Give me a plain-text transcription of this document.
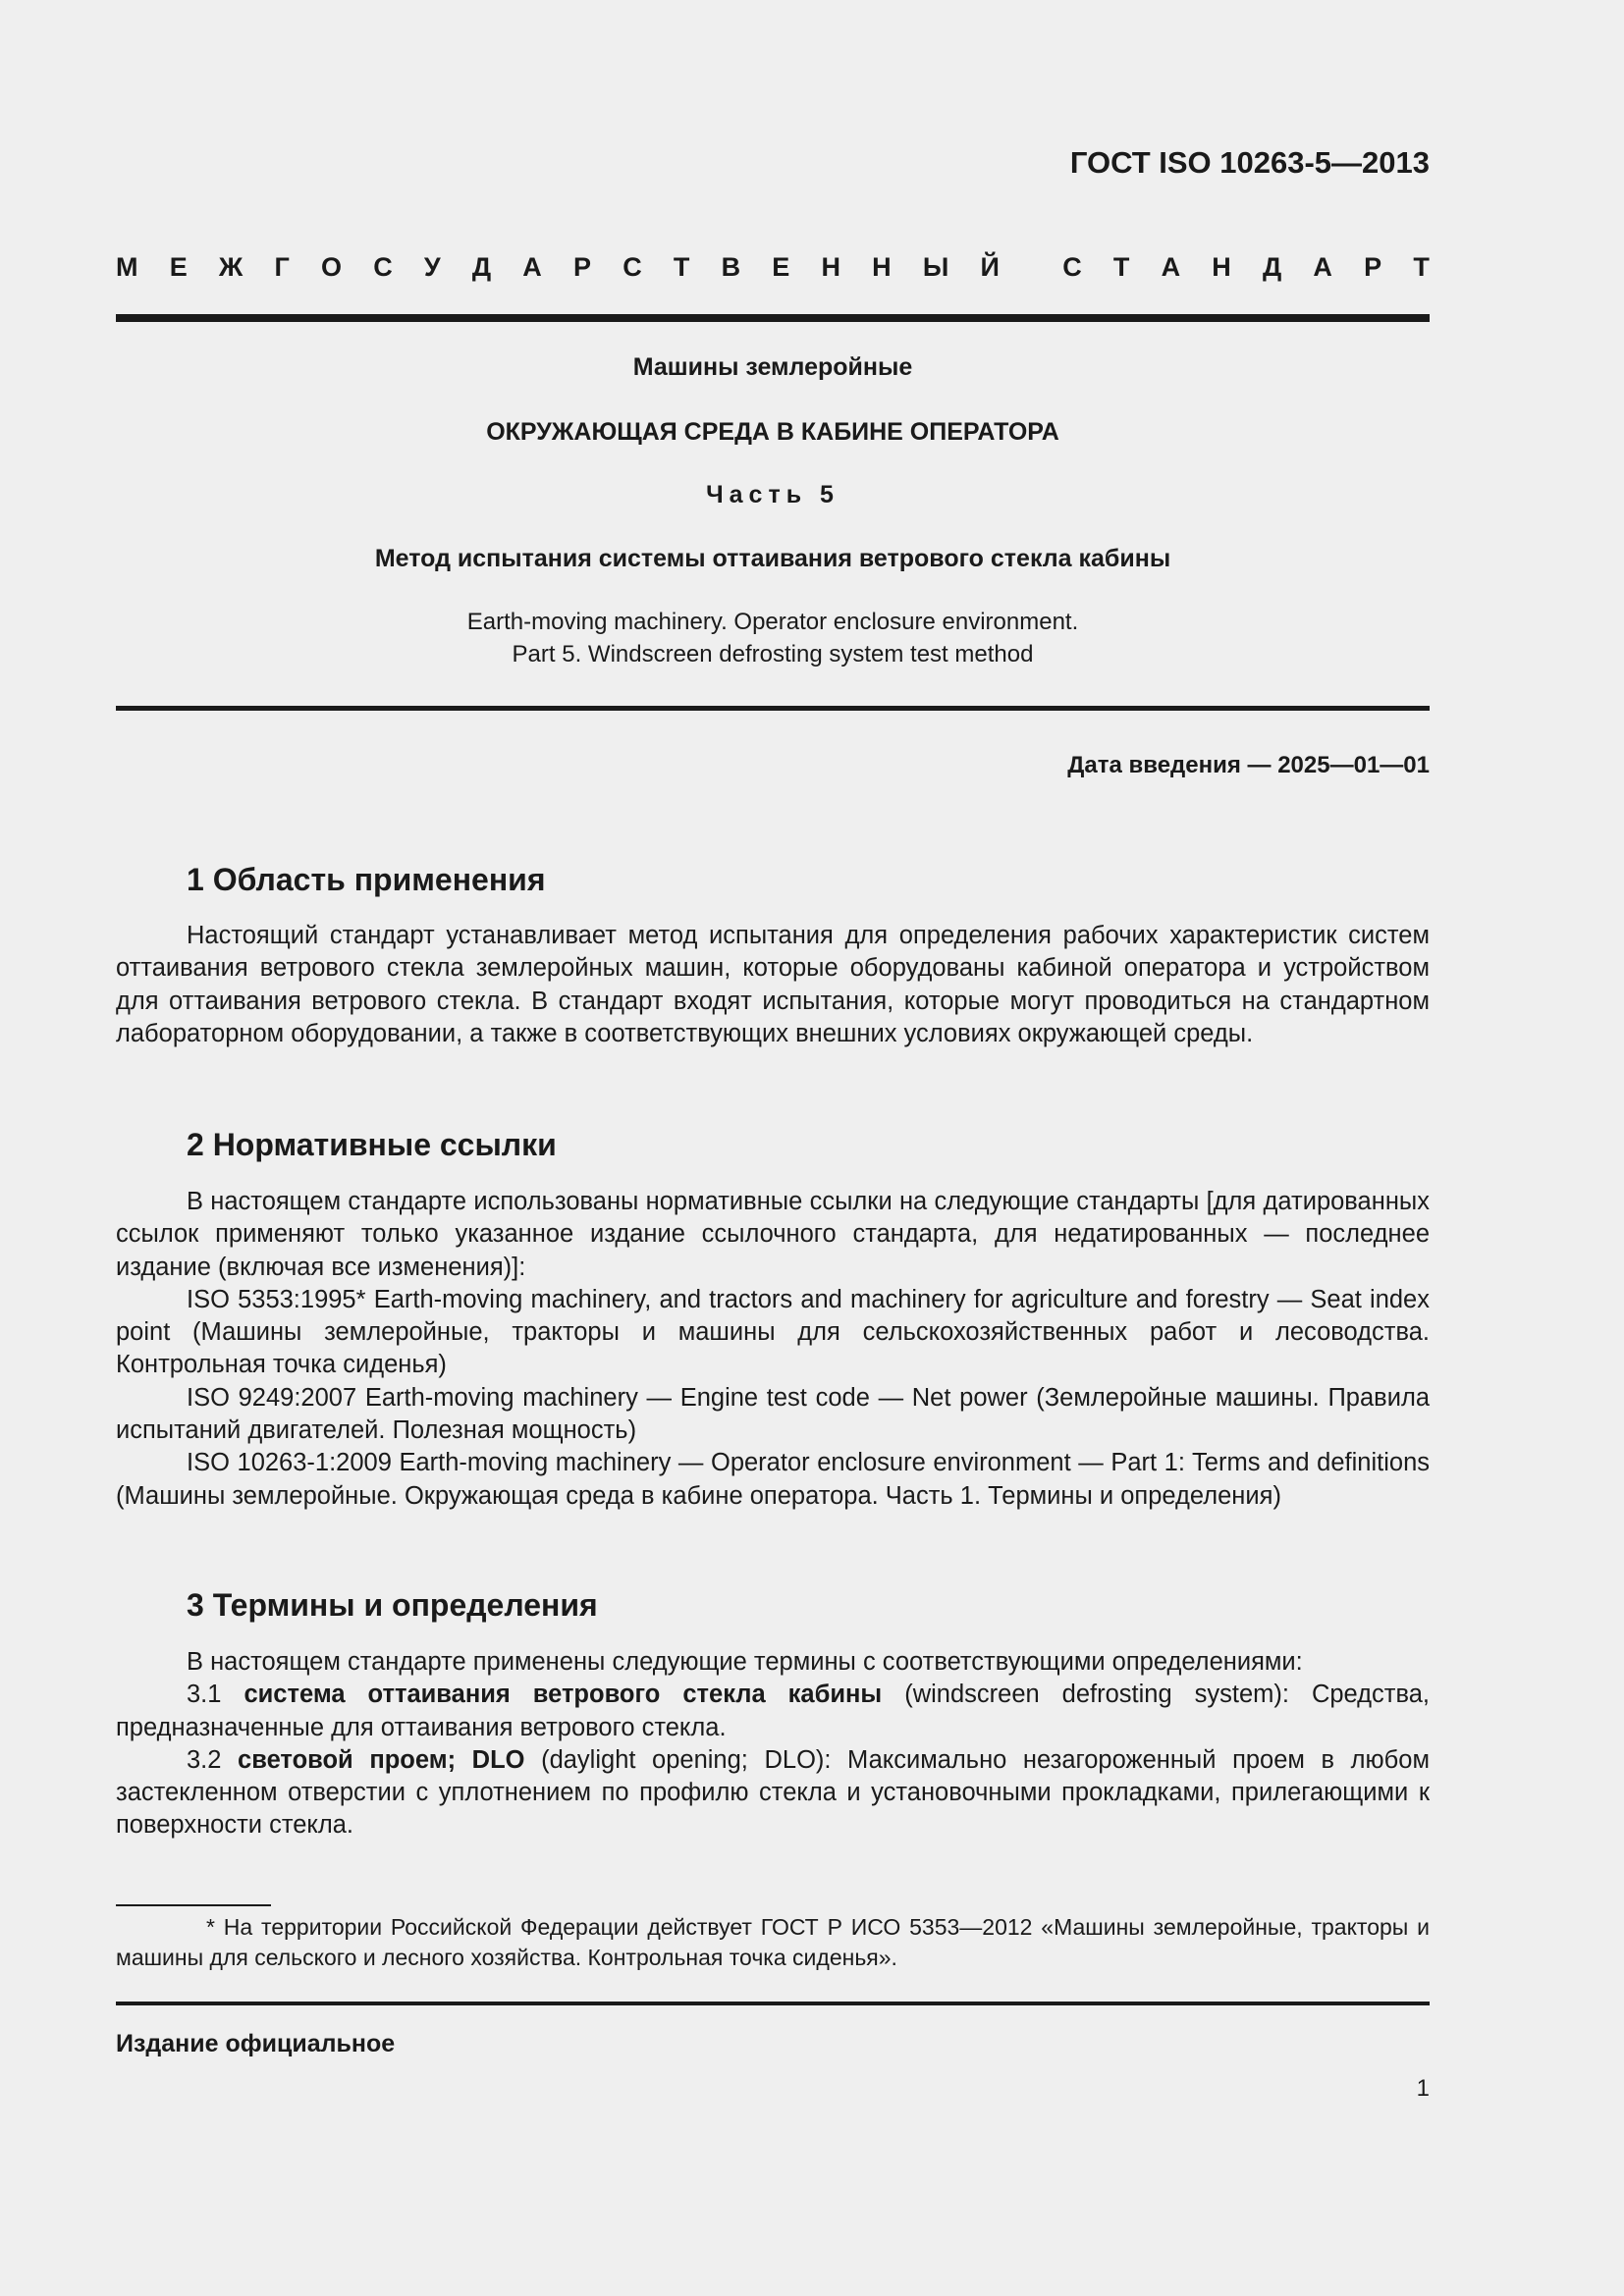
ГОСТ ISO 10263-5—2013
М Е Ж Г О С У Д А Р С Т В Е Н Н Ы Й С Т А Н Д А Р Т
Машины землеройные
ОКРУЖАЮЩАЯ СРЕДА В КАБИНЕ ОПЕРАТОРА
Часть 5
Метод испытания системы оттаивания ветрового стекла кабины
Earth-moving machinery. Operator enclosure environment.
Part 5. Windscreen defrosting system test method
Дата введения — 2025—01—01
1 Область применения

Настоящий стандарт устанавливает метод испытания для определения рабочих характеристик систем оттаивания ветрового стекла землеройных машин, которые оборудованы кабиной оператора и устройством для оттаивания ветрового стекла. В стандарт входят испытания, которые могут проводиться на стандартном лабораторном оборудовании, а также в соответствующих внешних условиях окружающей среды.

2 Нормативные ссылки

В настоящем стандарте использованы нормативные ссылки на следующие стандарты [для датированных ссылок применяют только указанное издание ссылочного стандарта, для недатированных — последнее издание (включая все изменения)]:

ISO 5353:1995* Earth-moving machinery, and tractors and machinery for agriculture and forestry — Seat index point (Машины землеройные, тракторы и машины для сельскохозяйственных работ и лесоводства. Контрольная точка сиденья)

ISO 9249:2007 Earth-moving machinery — Engine test code — Net power (Землеройные машины. Правила испытаний двигателей. Полезная мощность)

ISO 10263-1:2009 Earth-moving machinery — Operator enclosure environment — Part 1: Terms and definitions (Машины землеройные. Окружающая среда в кабине оператора. Часть 1. Термины и определения)

3 Термины и определения

В настоящем стандарте применены следующие термины с соответствующими определениями:

3.1 система оттаивания ветрового стекла кабины (windscreen defrosting system): Средства, предназначенные для оттаивания ветрового стекла.

3.2 световой проем; DLO (daylight opening; DLO): Максимально незагороженный проем в любом застекленном отверстии с уплотнением по профилю стекла и установочными прокладками, прилегающими к поверхности стекла.

* На территории Российской Федерации действует ГОСТ Р ИСО 5353—2012 «Машины землеройные, тракторы и машины для сельского и лесного хозяйства. Контрольная точка сиденья».
Издание официальное
1
